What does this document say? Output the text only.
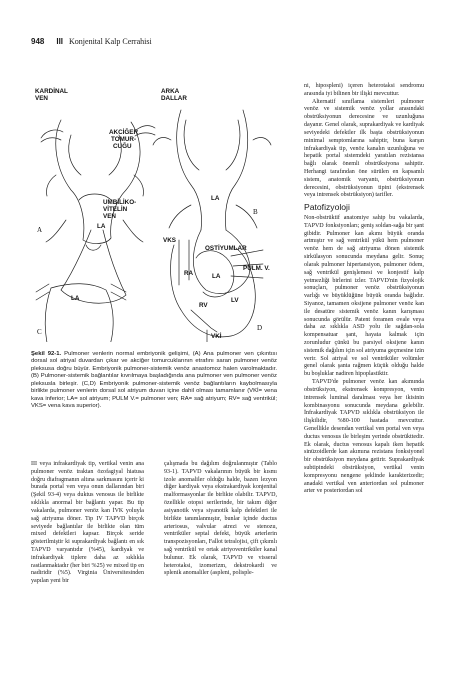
948 III Konjenital Kalp Cerrahisi
KARDİNAL
VEN
ARKA
DALLAR
AKCİĞER
TOMUR-
CUĞU
UMBİLİKO-
VİTELİN
VEN
LA
LA
LA
LA
VKS
OSTİYUMLAR
RA
PULM. V.
RV
LV
VKİ
A
B
C	D
Şekil 92-1. Pulmoner venlerin normal embriyonik gelişimi, (A) Ana pulmoner ven çıkıntısı dorsal sol atriyal duvardan çıkar ve akciğer tomurcuklarının etrafını saran pulmoner venöz pleksusa doğru büyür. Embriyonik pulmoner-sistemik venöz anastomoz halen varolmaktadır. (B) Pulmoner-sistemik bağlantılar kıvrılmaya başladığında ana pulmoner ven pulmoner venöz pleksusla birleşir. (C,D) Embriyonik pulmoner-sistemik venöz bağlantıların kaybolmasıyla birlikte pulmoner venlerin dorsal sol atriyum duvarı içine dahil olması tamamlanır (VKİ= vena kava inferior; LA= sol atriyum; PULM V.= pulmoner ven; RA= sağ atriyum; RV= sağ ventrikül; VKS= vena kava superior).

III veya infrakardiyak tip, vertikal venin ana pulmoner venöz traktan özofagiyal hiatusa doğru diafragmanın altına sarkmasını içerir ki burada portal ven veya onun dallarından biri (Şekil 93-4) veya duktus venosus ile birlikte sıklıkla anormal bir bağlantı yapar. Bu tip vakalarda, pulmoner venöz kan İVK yoluyla sağ atriyuma döner. Tip IV TAPVD birçok seviyede bağlantılar ile birlikte olan tüm mixed defektleri kapsar. Birçok seride gösterilmiştir ki suprakardiyak bağlantı en sık TAPVD varyantıdır (%45), kardiyak ve infrakardiyak tiplere daha az sıklıkla rastlanmaktadır (her biri %25) ve mixed tip en nadiridir (%5). Virginia Üniversitesinden yapılan yeni bir

çalışmada bu dağılım doğrulanmıştır (Tablo 93-1). TAPVD vakalarının büyük bir kısmı izole anomaliler olduğu halde, bazen lezyon diğer kardiyak veya ekstrakardiyak konjenital malformasyonlar ile birlikte olabilir. TAPVD, özellikle otopsi serilerinde, bir takım diğer asiyanotik veya siyanotik kalp defektleri ile birlikte tanımlanmıştır, bunlar içinde ductus arteriosus, valvular atrezi ve stenozu, ventriküler septal defekt, büyük arterlerin transpozisyonları, Fallot tetralojisi, çift çıkımlı sağ ventrikül ve ortak atriyoventriküler kanal bulunur. Ek olarak, TAPVD ve visseral heterotaksi, izomerizm, dekstrokardi ve splenik anomaliler (aspleni, polisple-

ni, hipospleni) içeren heterotaksi sendromu arasında iyi bilinen bir ilişki mevcuttur.

Alternatif sınıflama sistemleri pulmoner venöz ve sistemik venöz yollar arasındaki obstrüksiyonun derecesine ve uzunluğuna dayanır. Genel olarak, suprakardiyak ve kardiyak seviyedeki defektler ilk başta obstrüksiyonun minimal semptomlarına sahiptir, buna karşın infrakardiyak tip, venöz kanalın uzunluğuna ve hepatik portal sistemdeki yaratılan rezistansa bağlı olarak önemli obstrüksiyona sahiptir. Herhangi tarafından öne sürülen en kapsamlı sistem, anatomik varyantı, obstrüksiyonun derecesini, obstrüksiyonun tipini (ekstrensek veya intrensek obstrüksiyon) tarifler.

Patofizyoloji

Non-obstrüktif anatomiye sahip bu vakalarda, TAPVD fonksiyonları; geniş soldan-sağa bir şant gibidir. Pulmoner kan akımı büyük oranda artmıştır ve sağ ventrikül yükü hem pulmoner venöz hem de sağ atriyuma dönen sistemik sirkülasyon sonucunda meydana gelir. Sonuç olarak pulmoner hipertansiyon, pulmoner ödem, sağ ventrikül genişlemesi ve konjestif kalp yetmezliği birlerini izler. TAPVD'nin fizyolojik sonuçları, pulmoner venöz obstrüksiyonun varlığı ve büyüklüğüne büyük oranda bağlıdır. Siyanoz, tamamen oksijene pulmoner venöz kan ile desatüre sistemik venöz kanın karışması sonucunda görülür. Patent foramen ovale veya daha az sıklıkla ASD yolu ile sağdan-sola kompensatuar şant, hayata kalmak için zorunludur çünkü bu parsiyel oksijene kanın sistemik dağılım için sol atriyuma geçmesine izin verir. Sol atriyal ve sol ventriküler volümler genel olarak şanta rağmen küçük olduğu halde bu boşluklar nadiren hipoplastiktir.

TAPVD'de pulmoner venöz kan akımında obstrüksiyon, ekstrensek kompresyon, venin intrensek luminal daralması veya her ikisinin kombinasyonu sonucunda meydana gelebilir. İnfrakardiyak TAPVD sıklıkla obstrüksiyon ile ilişkilidir, %80-100 hastada mevcuttur. Genellikle desendan vertikal ven portal ven veya ductus venosus ile birleşim yerinde obstrükttedir. Ek olarak, ductus venosus kapalı iken hepatik sinüzoidlerde kan akımına rezistans fonksiyonel bir obstrüksiyon meydana getirir. Suprakardiyak subtipindeki obstrüksiyon, vertikal venin kompresyonu nengene şeklinde karakterizedir; anadaki vertikal ven anteriordan sol pulmoner arter ve posteriordan sol
